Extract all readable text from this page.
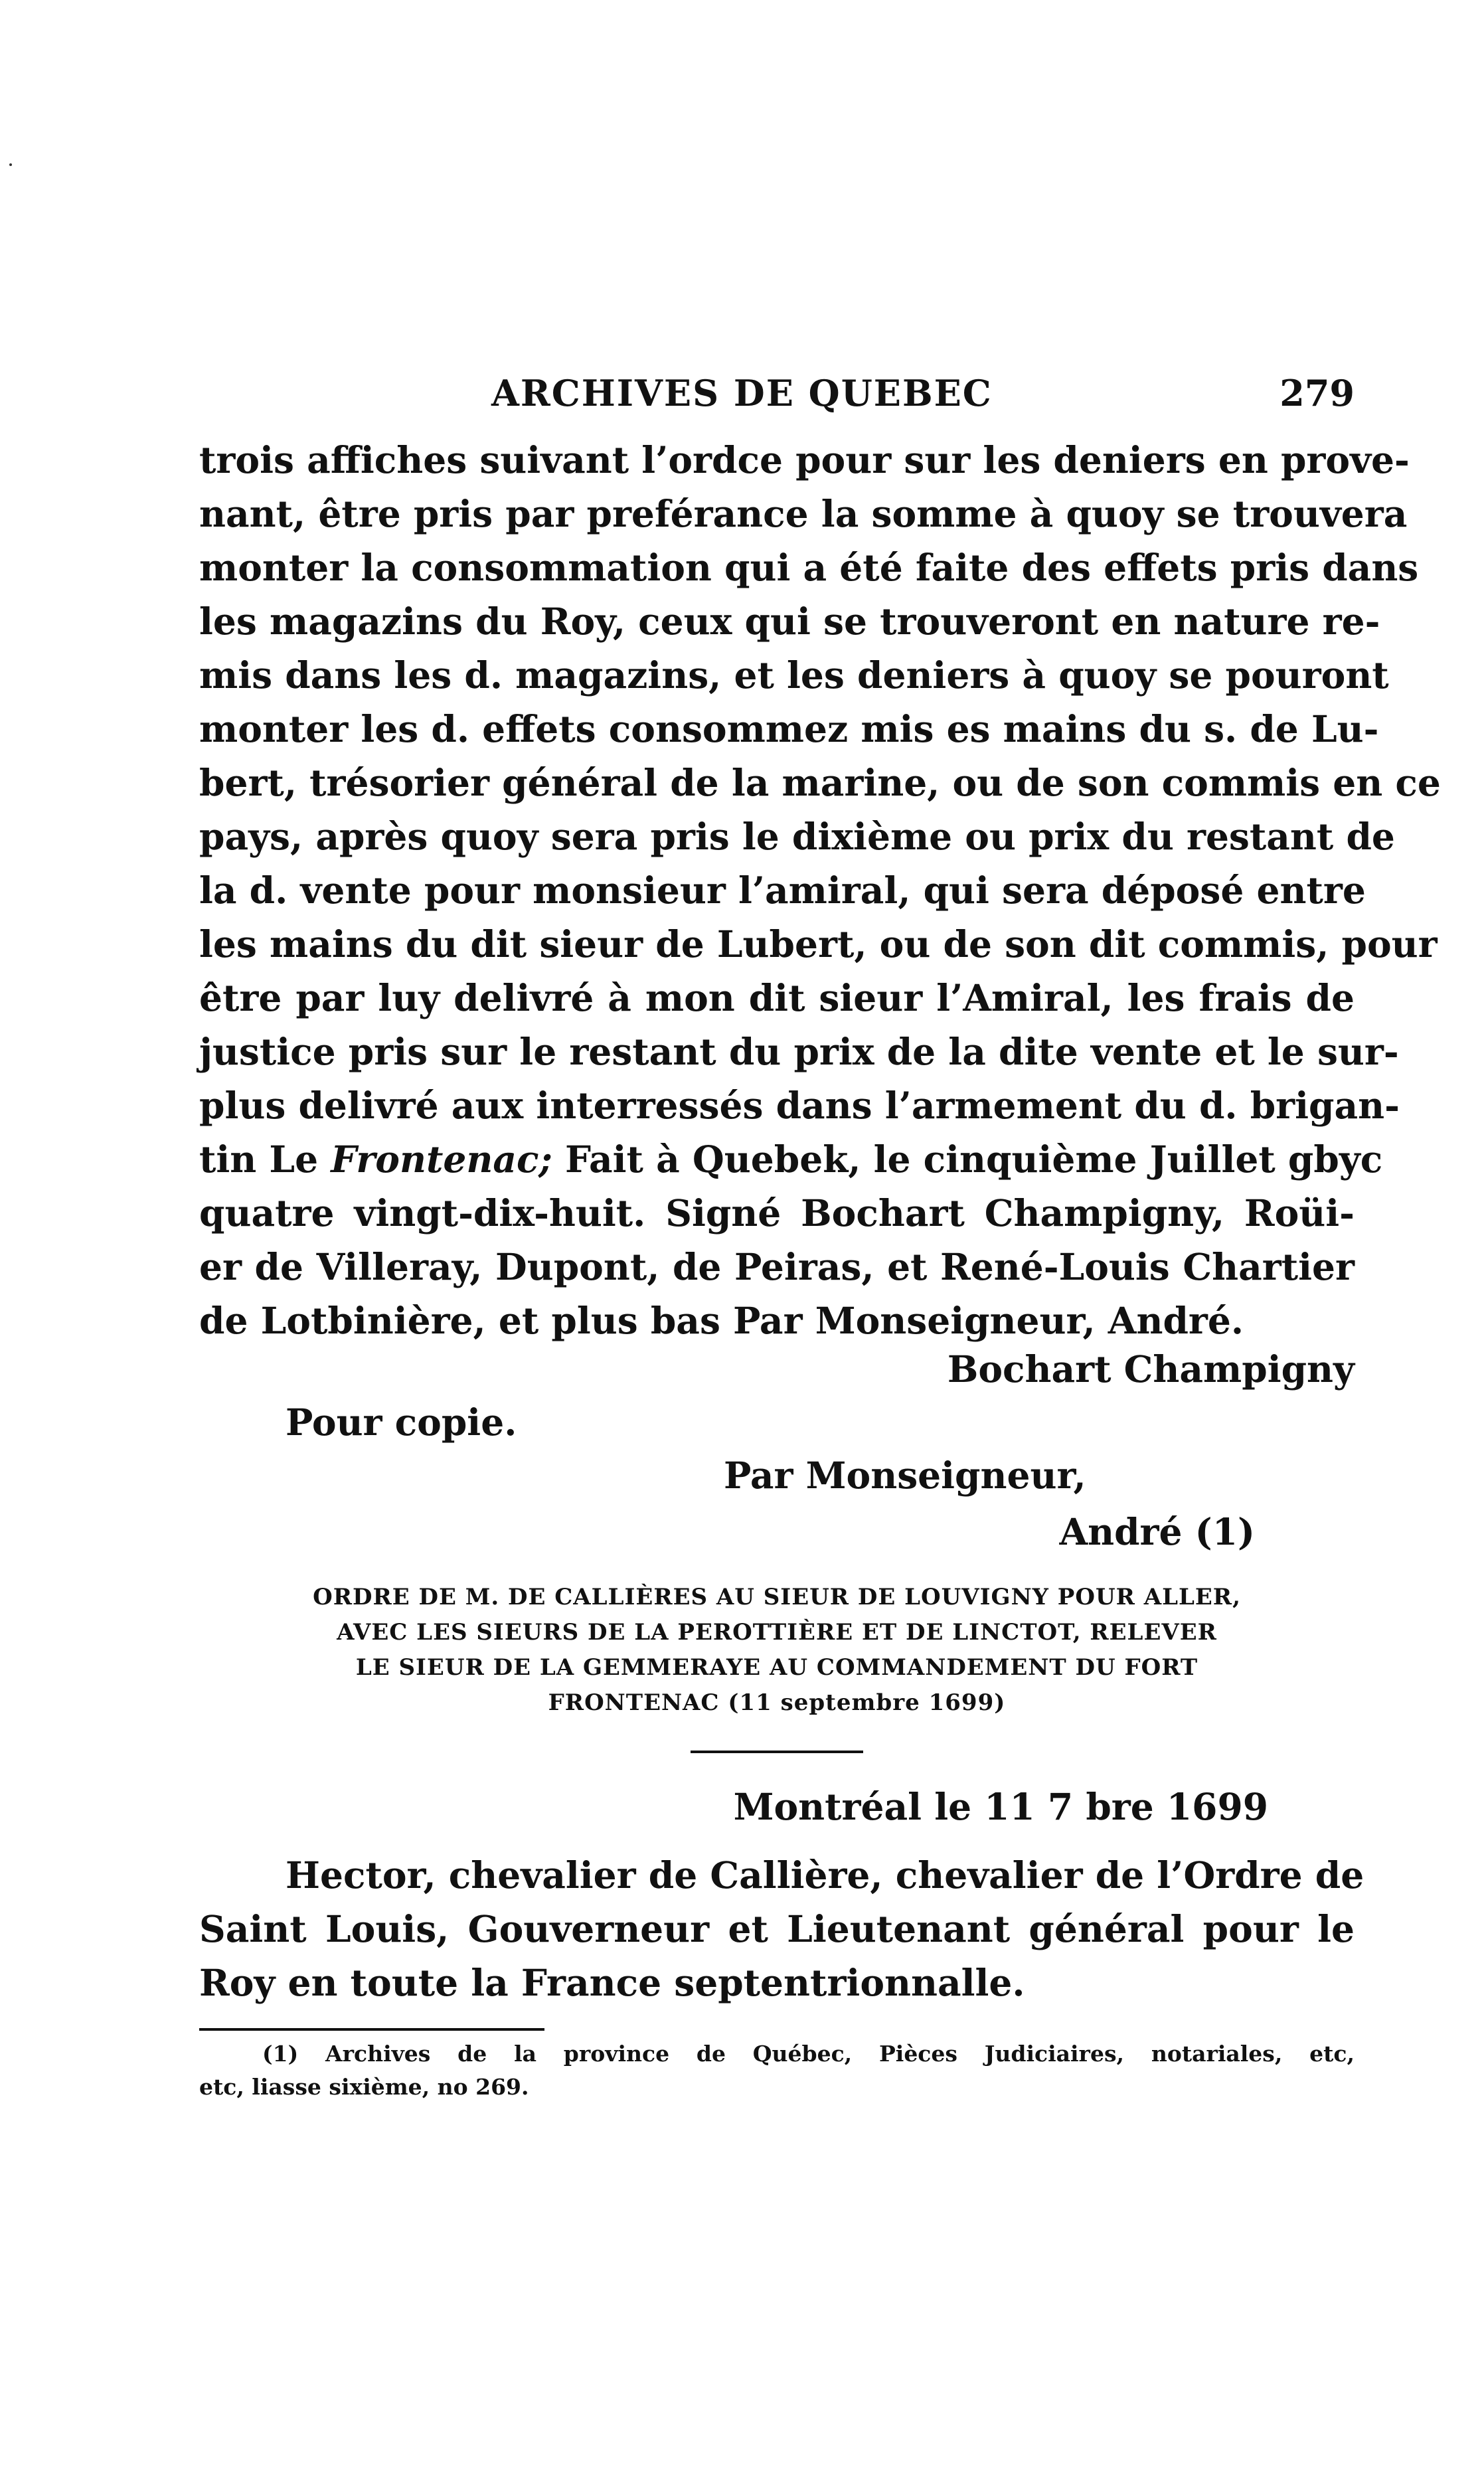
ARCHIVES DE QUEBEC	279
trois affiches suivant l’ordce pour sur les deniers en prove-
nant, être pris par preférance la somme à quoy se trouvera
monter la consommation qui a été faite des effets pris dans
les magazins du Roy, ceux qui se trouveront en nature re-
mis dans les d. magazins, et les deniers à quoy se pouront
monter les d. effets consommez mis es mains du s. de Lu-
bert, trésorier général de la marine, ou de son commis en ce
pays, après quoy sera pris le dixième ou prix du restant de
la d. vente pour monsieur l’amiral, qui sera déposé entre
les mains du dit sieur de Lubert, ou de son dit commis, pour
être par luy delivré à mon dit sieur l’Amiral, les frais de
justice pris sur le restant du prix de la dite vente et le sur-
plus delivré aux interressés dans l’armement du d. brigan-
tin Le Frontenac; Fait à Quebek, le cinquième Juillet gbyc
quatre vingt-dix-huit. Signé Bochart Champigny, Roüi-
er de Villeray, Dupont, de Peiras, et René-Louis Chartier
de Lotbinière, et plus bas Par Monseigneur, André.
Bochart Champigny
Pour copie.
Par Monseigneur,
André (1)
ORDRE DE M. DE CALLIÈRES AU SIEUR DE LOUVIGNY POUR ALLER,
AVEC LES SIEURS DE LA PEROTTIÈRE ET DE LINCTOT, RELEVER
LE SIEUR DE LA GEMMERAYE AU COMMANDEMENT DU FORT
FRONTENAC (11 septembre 1699)
Montréal le 11 7 bre 1699
Hector, chevalier de Callière, chevalier de l’Ordre de
Saint Louis, Gouverneur et Lieutenant général pour le
Roy en toute la France septentrionnalle.
(1) Archives de la province de Québec, Pièces Judiciaires, notariales, etc,
etc, liasse sixième, no 269.
